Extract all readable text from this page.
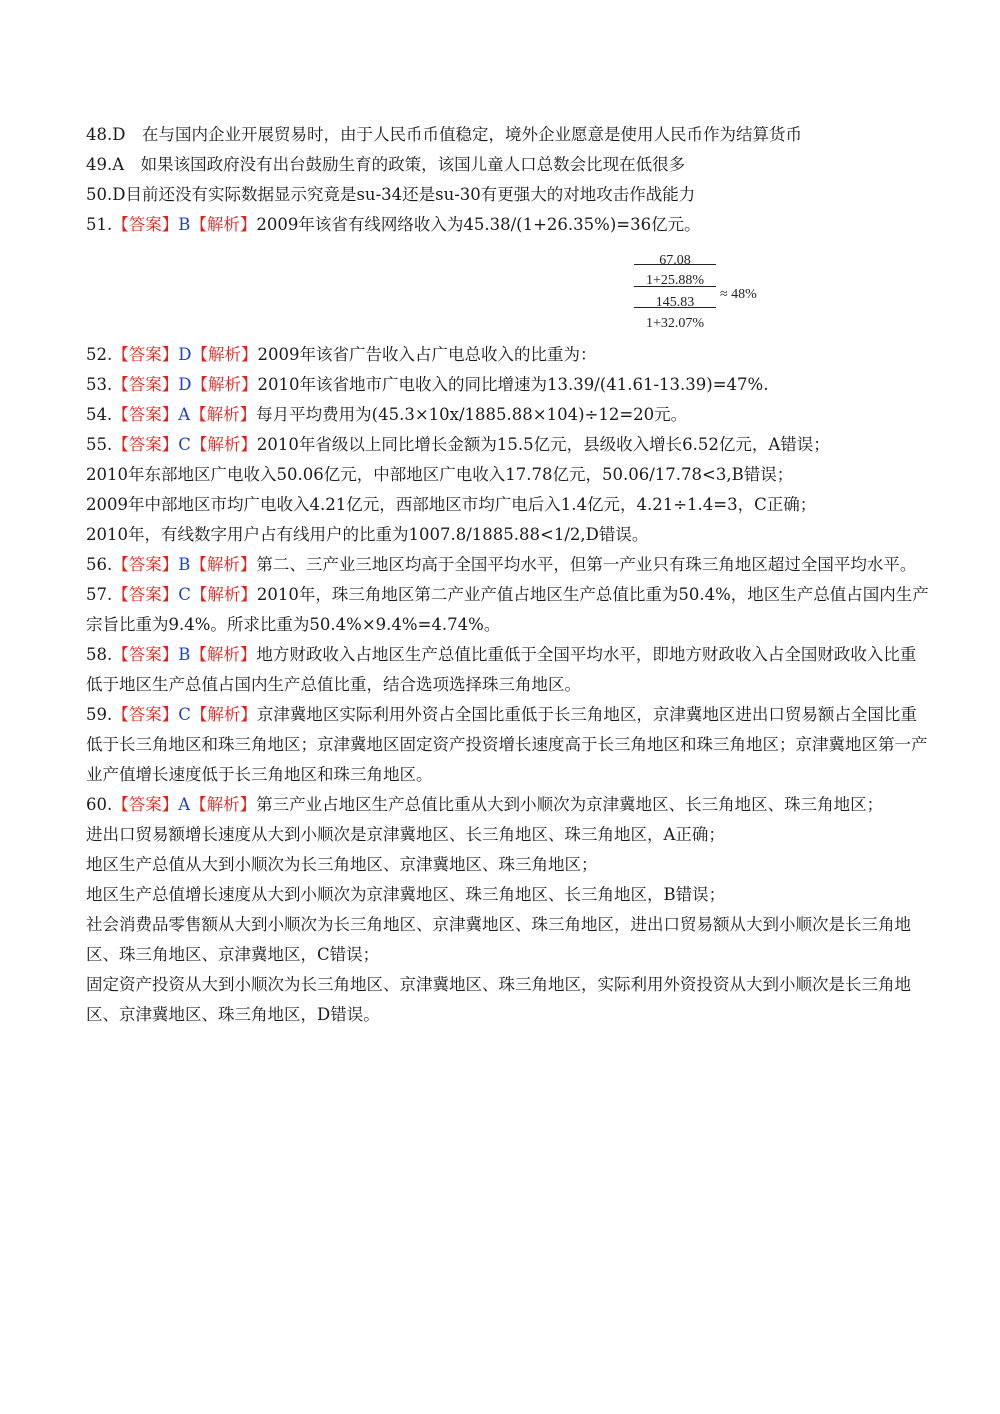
48.D　在与国内企业开展贸易时，由于人民币币值稳定，境外企业愿意是使用人民币作为结算货币
49.A　如果该国政府没有出台鼓励生育的政策，该国儿童人口总数会比现在低很多
50.D目前还没有实际数据显示究竟是su-34还是su-30有更强大的对地攻击作战能力
51.【答案】B【解析】2009年该省有线网络收入为45.38/(1+26.35%)=36亿元。
67.08
1+25.88%
145.83
1+32.07%
≈ 48%
52.【答案】D【解析】2009年该省广告收入占广电总收入的比重为：
53.【答案】D【解析】2010年该省地市广电收入的同比增速为13.39/(41.61-13.39)=47%.
54.【答案】A【解析】每月平均费用为(45.3×10x/1885.88×104)÷12=20元。
55.【答案】C【解析】2010年省级以上同比增长金额为15.5亿元，县级收入增长6.52亿元，A错误；
2010年东部地区广电收入50.06亿元，中部地区广电收入17.78亿元，50.06/17.78<3,B错误；
2009年中部地区市均广电收入4.21亿元，西部地区市均广电后入1.4亿元，4.21÷1.4=3，C正确；
2010年，有线数字用户占有线用户的比重为1007.8/1885.88<1/2,D错误。
56.【答案】B【解析】第二、三产业三地区均高于全国平均水平，但第一产业只有珠三角地区超过全国平均水平。
57.【答案】C【解析】2010年，珠三角地区第二产业产值占地区生产总值比重为50.4%，地区生产总值占国内生产宗旨比重为9.4%。所求比重为50.4%×9.4%=4.74%。
58.【答案】B【解析】地方财政收入占地区生产总值比重低于全国平均水平，即地方财政收入占全国财政收入比重低于地区生产总值占国内生产总值比重，结合选项选择珠三角地区。
59.【答案】C【解析】京津冀地区实际利用外资占全国比重低于长三角地区，京津冀地区进出口贸易额占全国比重低于长三角地区和珠三角地区；京津冀地区固定资产投资增长速度高于长三角地区和珠三角地区；京津冀地区第一产业产值增长速度低于长三角地区和珠三角地区。
60.【答案】A【解析】第三产业占地区生产总值比重从大到小顺次为京津冀地区、长三角地区、珠三角地区；
进出口贸易额增长速度从大到小顺次是京津冀地区、长三角地区、珠三角地区，A正确；
地区生产总值从大到小顺次为长三角地区、京津冀地区、珠三角地区；
地区生产总值增长速度从大到小顺次为京津冀地区、珠三角地区、长三角地区，B错误；
社会消费品零售额从大到小顺次为长三角地区、京津冀地区、珠三角地区，进出口贸易额从大到小顺次是长三角地区、珠三角地区、京津冀地区，C错误；
固定资产投资从大到小顺次为长三角地区、京津冀地区、珠三角地区，实际利用外资投资从大到小顺次是长三角地区、京津冀地区、珠三角地区，D错误。
